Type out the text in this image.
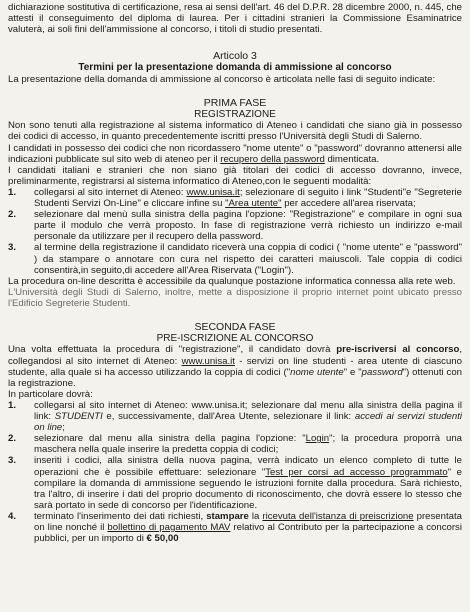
dichiarazione sostitutiva di certificazione, resa ai sensi dell'art. 46 del D.P.R. 28 dicembre 2000, n. 445, che attesti il conseguimento del diploma di laurea. Per i cittadini stranieri la Commissione Esaminatrice valuterà, ai soli fini dell'ammissione al concorso, i titoli di studio presentati.

Articolo 3

Termini per la presentazione domanda di ammissione al concorso

La presentazione della domanda di ammissione al concorso è articolata nelle fasi di seguito indicate:

PRIMA FASE

REGISTRAZIONE

Non sono tenuti alla registrazione al sistema informatico di Ateneo i candidati che siano già in possesso dei codici di accesso, in quanto precedentemente iscritti presso l'Università degli Studi di Salerno.

I candidati in possesso dei codici che non ricordassero "nome utente" o "password" dovranno attenersi alle indicazioni pubblicate sul sito web di ateneo per il recupero della password dimenticata.

I candidati italiani e stranieri che non siano già titolari dei codici di accesso dovranno, invece, preliminarmente, registrarsi al sistema informatico di Ateneo,con le seguenti modalità:

1.	collegarsi al sito internet di Ateneo: www.unisa.it; selezionare di seguito i link "Studenti"e "Segreterie Studenti Servizi On-Line" e cliccare infine su "Area utente" per accedere all'area riservata;
2.	selezionare dal menù sulla sinistra della pagina l'opzione: "Registrazione" e compilare in ogni sua parte il modulo che verrà proposto. In fase di registrazione verrà richiesto un indirizzo e-mail personale da utilizzare per il recupero della password.
3.	al termine della registrazione il candidato riceverà una coppia di codici ( "nome utente" e "password" ) da stampare o annotare con cura nel rispetto dei caratteri maiuscoli. Tale coppia di codici consentirà,in seguito,di accedere all'Area Riservata ("Login").

La procedura on-line descritta è accessibile da qualunque postazione informatica connessa alla rete web.

L'Università degli Studi di Salerno, inoltre, mette a disposizione il proprio internet point ubicato presso l'Edificio Segreterie Studenti.

SECONDA FASE

PRE-ISCRIZIONE AL CONCORSO

Una volta effettuata la procedura di "registrazione", il candidato dovrà pre-iscriversi al concorso, collegandosi al sito internet di Ateneo: www.unisa.it - servizi on line studenti - area utente di ciascuno studente, alla quale si ha accesso utilizzando la coppia di codici ("nome utente" e "password") ottenuti con la registrazione.

In particolare dovrà:

1.	collegarsi al sito internet di Ateneo: www.unisa.it; selezionare dal menu alla sinistra della pagina il link: STUDENTI e, successivamente, dall'Area Utente, selezionare il link: accedi ai servizi studenti on line;
2.	selezionare dal menu alla sinistra della pagina l'opzione: "Login"; la procedura proporrà una maschera nella quale inserire la predetta coppia di codici;
3.	inseriti i codici, alla sinistra della nuova pagina, verrà indicato un elenco completo di tutte le operazioni che è possibile effettuare: selezionare "Test per corsi ad accesso programmato" e compilare la domanda di ammissione seguendo le istruzioni fornite dalla procedura. Sarà richiesto, tra l'altro, di inserire i dati del proprio documento di riconoscimento, che dovrà essere lo stesso che sarà portato in sede di concorso per l'identificazione.
4.	terminato l'inserimento dei dati richiesti, stampare la ricevuta dell'istanza di preiscrizione presentata on line nonché il bollettino di pagamento MAV relativo al Contributo per la partecipazione a concorsi pubblici, per un importo di € 50,00
